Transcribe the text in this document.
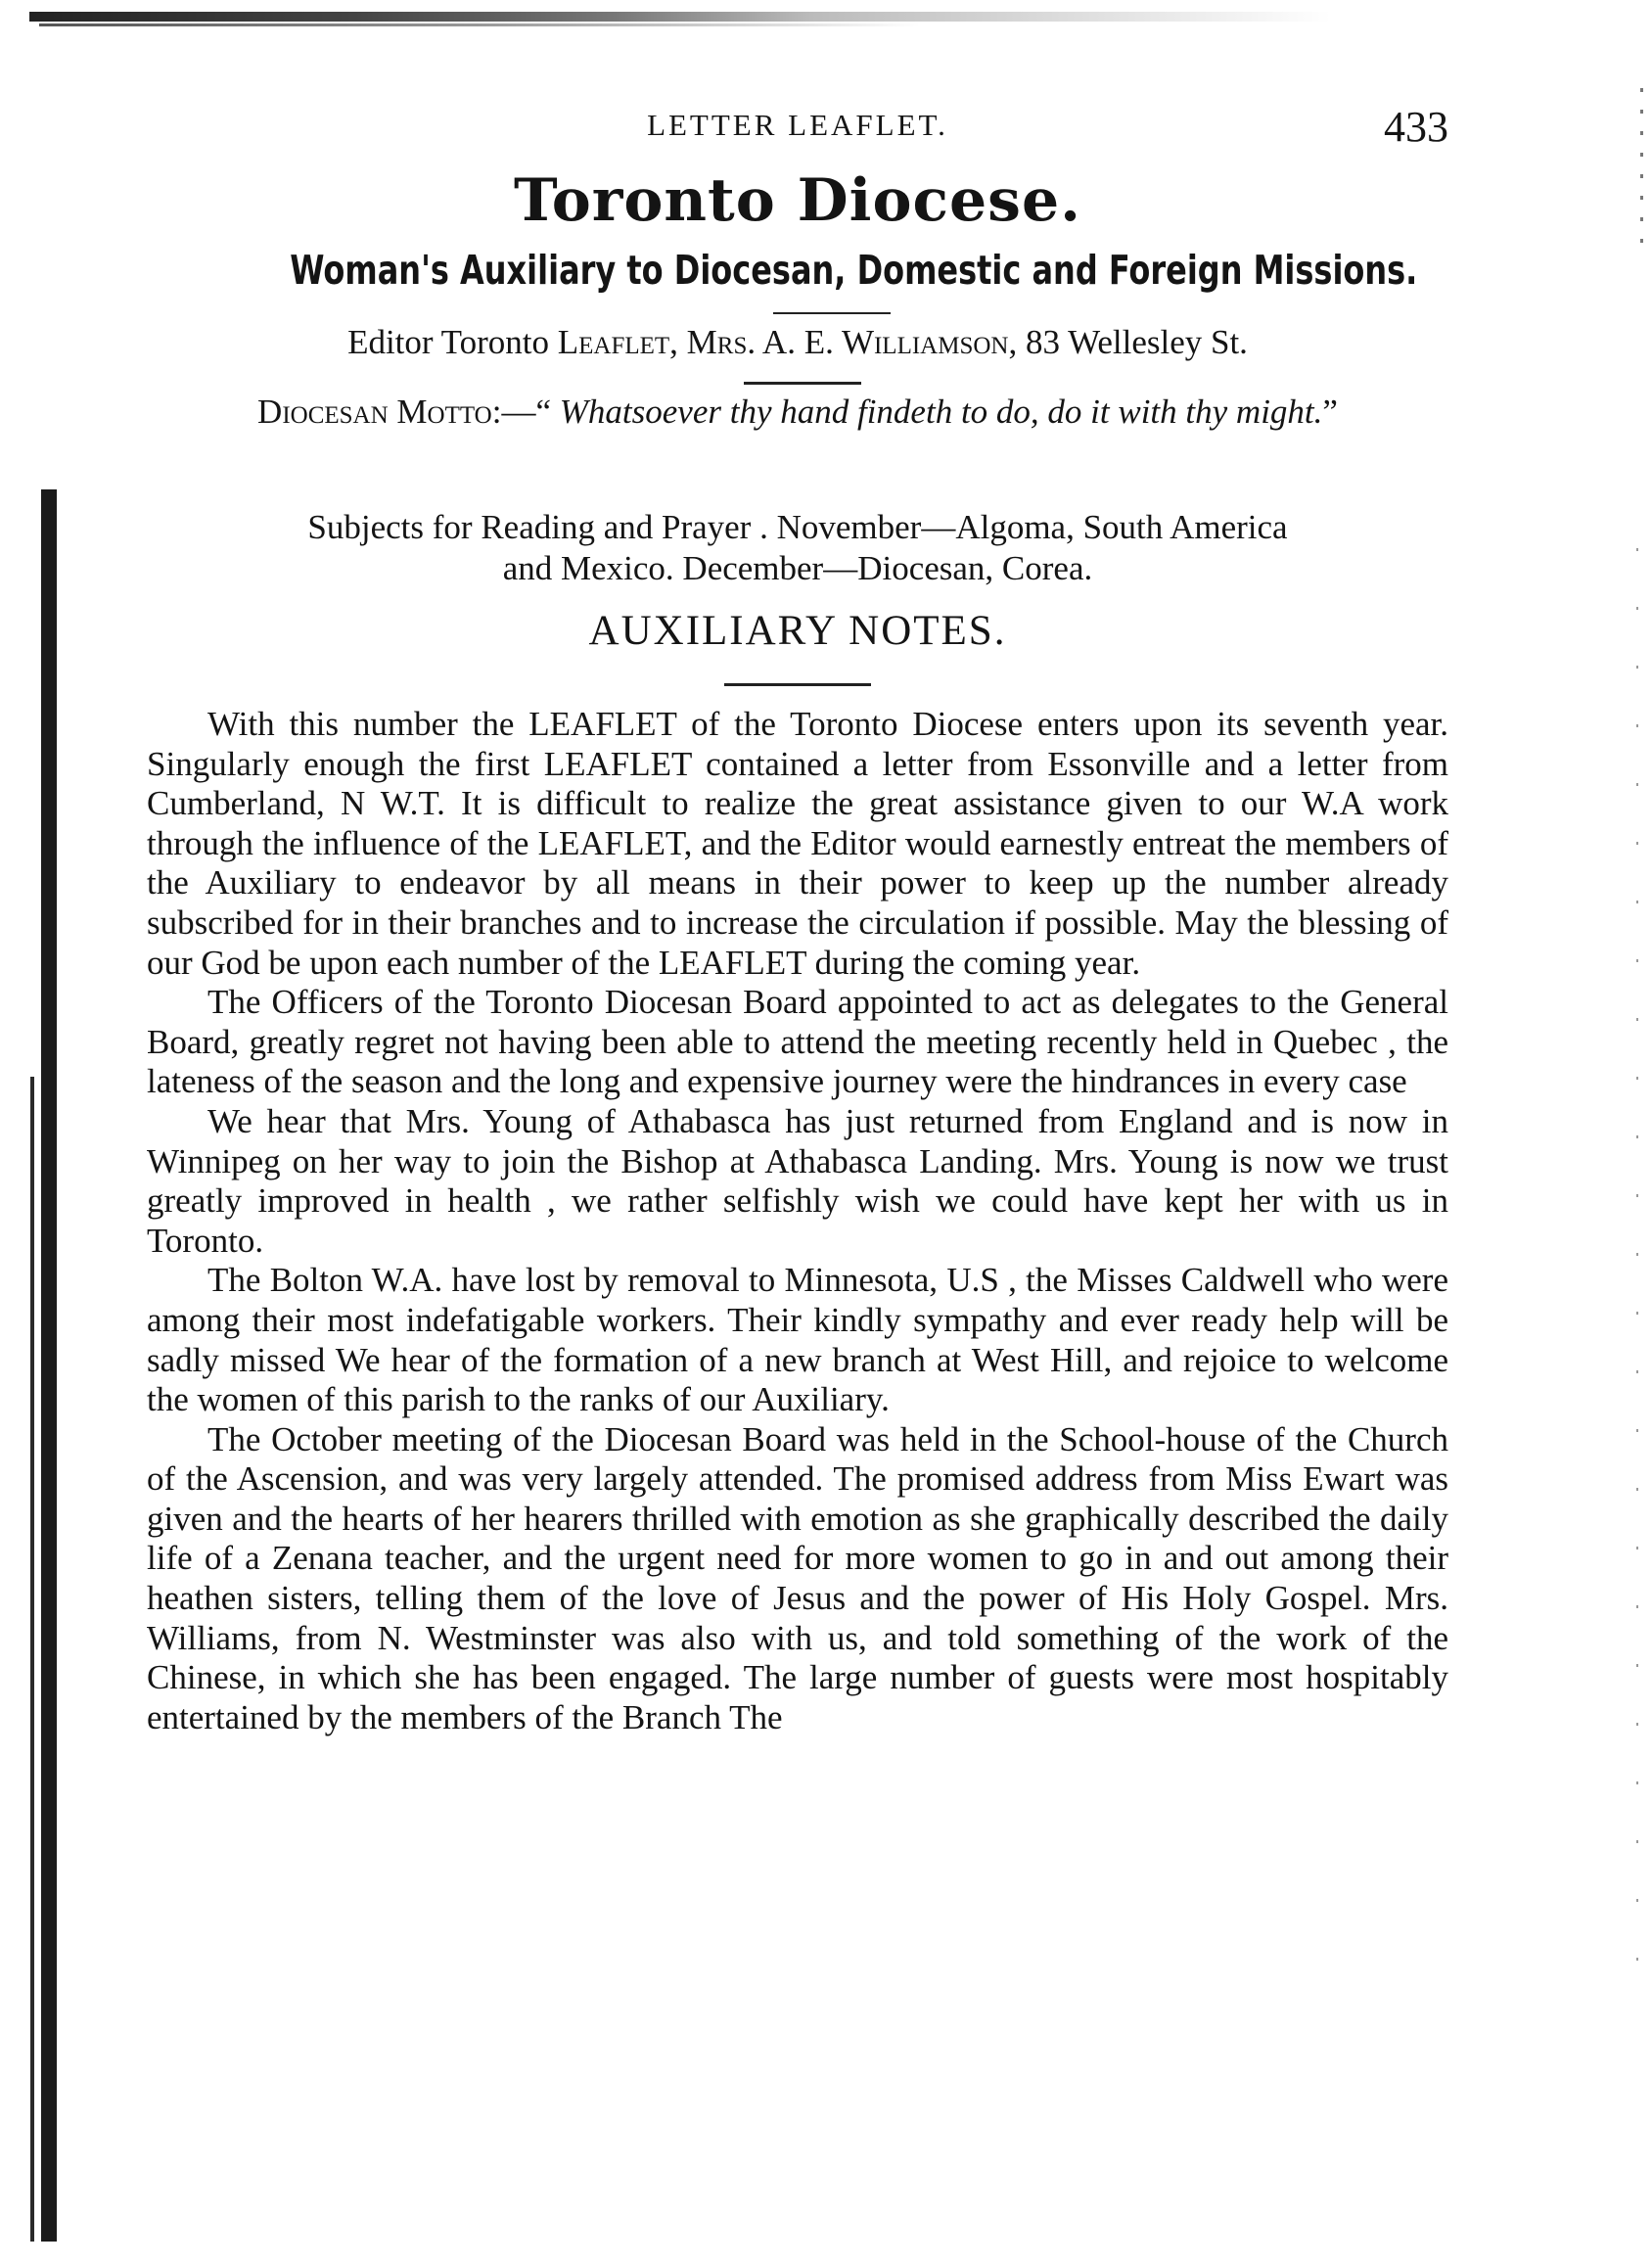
LETTER LEAFLET.	433
Toronto Diocese.
Woman's Auxiliary to Diocesan, Domestic and Foreign Missions.
Editor Toronto Leaflet, Mrs. A. E. Williamson, 83 Wellesley St.
Diocesan Motto:—“ Whatsoever thy hand findeth to do, do it with thy might.”
Subjects for Reading and Prayer . November—Algoma, South America
and Mexico. December—Diocesan, Corea.
AUXILIARY NOTES.

With this number the LEAFLET of the Toronto Diocese enters upon its seventh year. Singularly enough the first LEAFLET contained a letter from Essonville and a letter from Cumberland, N W.T. It is difficult to realize the great assistance given to our W.A work through the influence of the LEAFLET, and the Editor would earnestly entreat the members of the Auxiliary to endeavor by all means in their power to keep up the number already subscribed for in their branches and to increase the circulation if possible. May the blessing of our God be upon each number of the LEAFLET during the coming year.

The Officers of the Toronto Diocesan Board appointed to act as delegates to the General Board, greatly regret not having been able to attend the meeting recently held in Quebec , the lateness of the season and the long and expensive journey were the hindrances in every case

We hear that Mrs. Young of Athabasca has just returned from England and is now in Winnipeg on her way to join the Bishop at Athabasca Landing. Mrs. Young is now we trust greatly improved in health , we rather selfishly wish we could have kept her with us in Toronto.

The Bolton W.A. have lost by removal to Minnesota, U.S , the Misses Caldwell who were among their most indefatigable workers. Their kindly sympathy and ever ready help will be sadly missed We hear of the formation of a new branch at West Hill, and rejoice to welcome the women of this parish to the ranks of our Auxiliary.

The October meeting of the Diocesan Board was held in the School-house of the Church of the Ascension, and was very largely attended. The promised address from Miss Ewart was given and the hearts of her hearers thrilled with emotion as she graphically described the daily life of a Zenana teacher, and the urgent need for more women to go in and out among their heathen sisters, telling them of the love of Jesus and the power of His Holy Gospel. Mrs. Williams, from N. Westminster was also with us, and told something of the work of the Chinese, in which she has been engaged. The large number of guests were most hospitably entertained by the members of the Branch The
